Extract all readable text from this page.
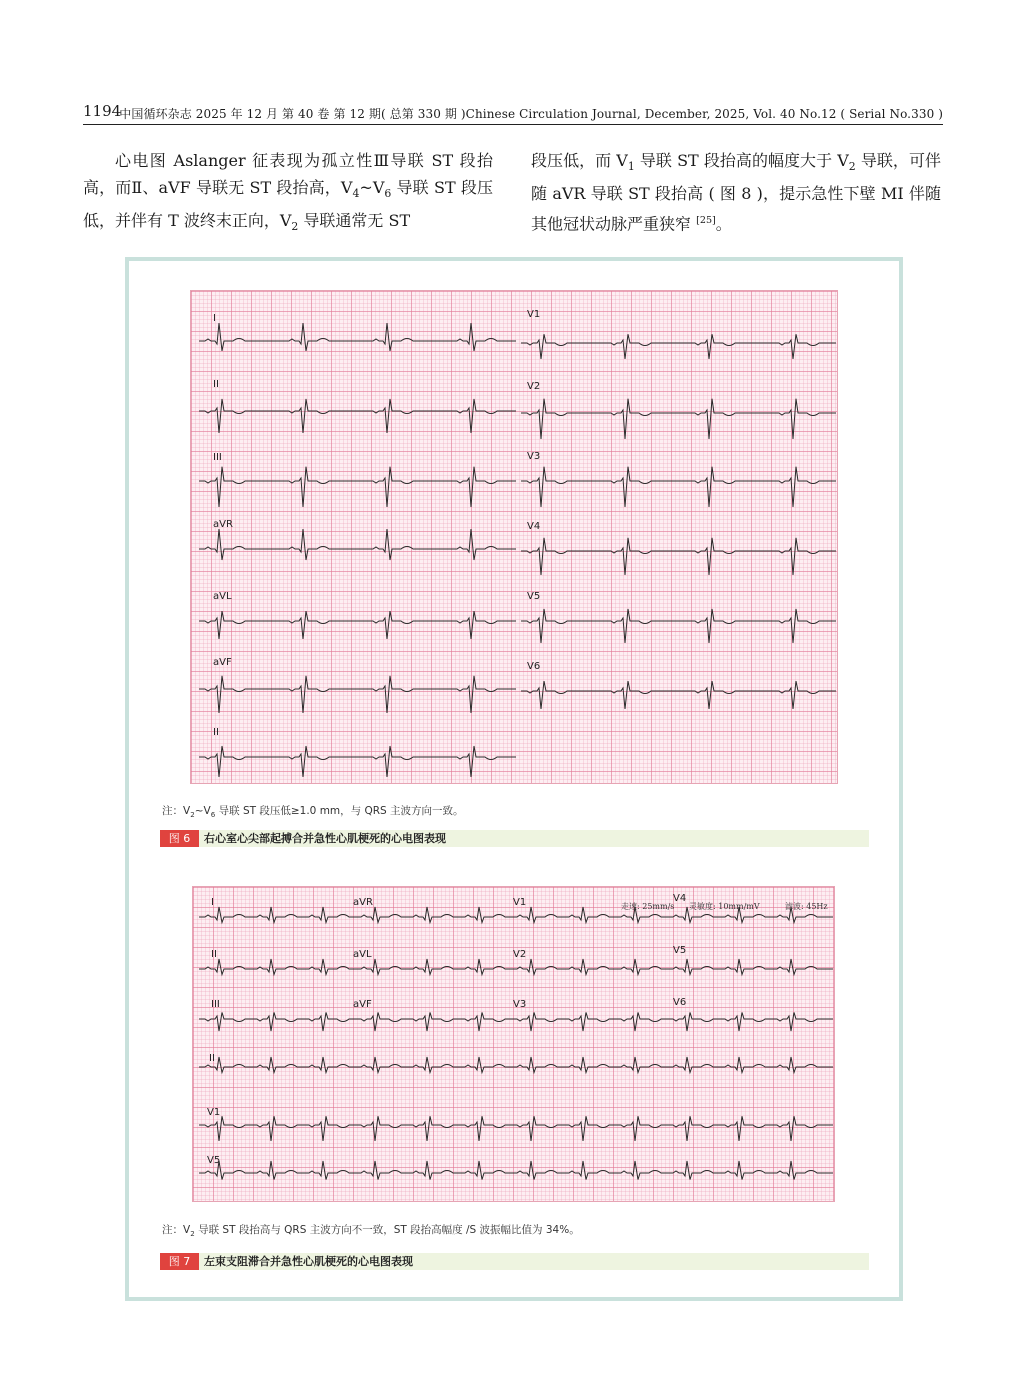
1194
中国循环杂志 2025 年 12 月 第 40 卷 第 12 期( 总第 330 期 )Chinese Circulation Journal, December, 2025, Vol. 40 No.12 ( Serial No.330 )

心电图 Aslanger 征表现为孤立性Ⅲ导联 ST 段抬高，而Ⅱ、aVF 导联无 ST 段抬高，$V_4\sim V_6$ 导联 ST 段压低，并伴有 T 波终末正向，$V_2$ 导联通常无 ST

段压低，而 $V_1$ 导联 ST 段抬高的幅度大于 $V_2$ 导联，可伴随 aVR 导联 ST 段抬高 ( 图 8 )，提示急性下壁 MI 伴随其他冠状动脉严重狭窄 [25]。

I
II
III
aVR
aVL
aVF
II
V1
V2
V3
V4
V5
V6
注：$V_2\sim V_6$ 导联 ST 段压低≥1.0 mm，与 QRS 主波方向一致。
图 6	右心室心尖部起搏合并急性心肌梗死的心电图表现
I	aVR	V1	V4
II	aVL	V2	V5
III	aVF	V3	V6
II
V1
V5
走速: 25mm/s 灵敏度: 10mm/mV	滤波: 45Hz
注：$V_2$ 导联 ST 段抬高与 QRS 主波方向不一致，ST 段抬高幅度 /S 波振幅比值为 34%。
图 7	左束支阻滞合并急性心肌梗死的心电图表现
